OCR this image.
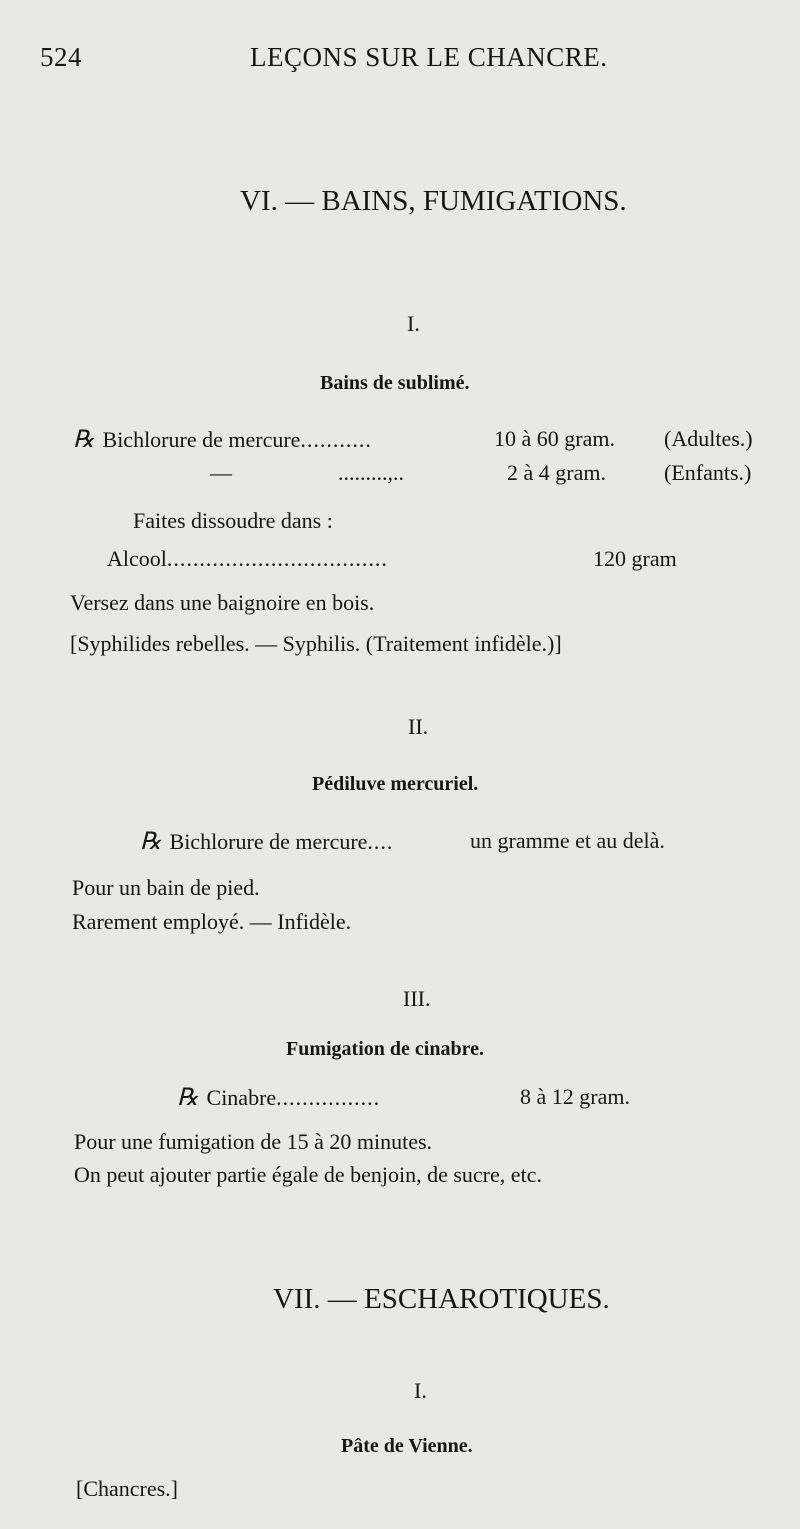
524	LEÇONS SUR LE CHANCRE.
VI. — BAINS, FUMIGATIONS.
I.
Bains de sublimé.
℞ Bichlorure de mercure...........	10 à 60 gram. (Adultes.)
—	.........,..	2 à 4 gram.	(Enfants.)
Faites dissoudre dans :
Alcool..................................	120 gram
Versez dans une baignoire en bois.
[Syphilides rebelles. — Syphilis. (Traitement infidèle.)]
II.
Pédiluve mercuriel.
℞ Bichlorure de mercure....	un gramme et au delà.
Pour un bain de pied.
Rarement employé. — Infidèle.
III.
Fumigation de cinabre.
℞ Cinabre................	8 à 12 gram.
Pour une fumigation de 15 à 20 minutes.
On peut ajouter partie égale de benjoin, de sucre, etc.
VII. — ESCHAROTIQUES.
I.
Pâte de Vienne.
[Chancres.]
